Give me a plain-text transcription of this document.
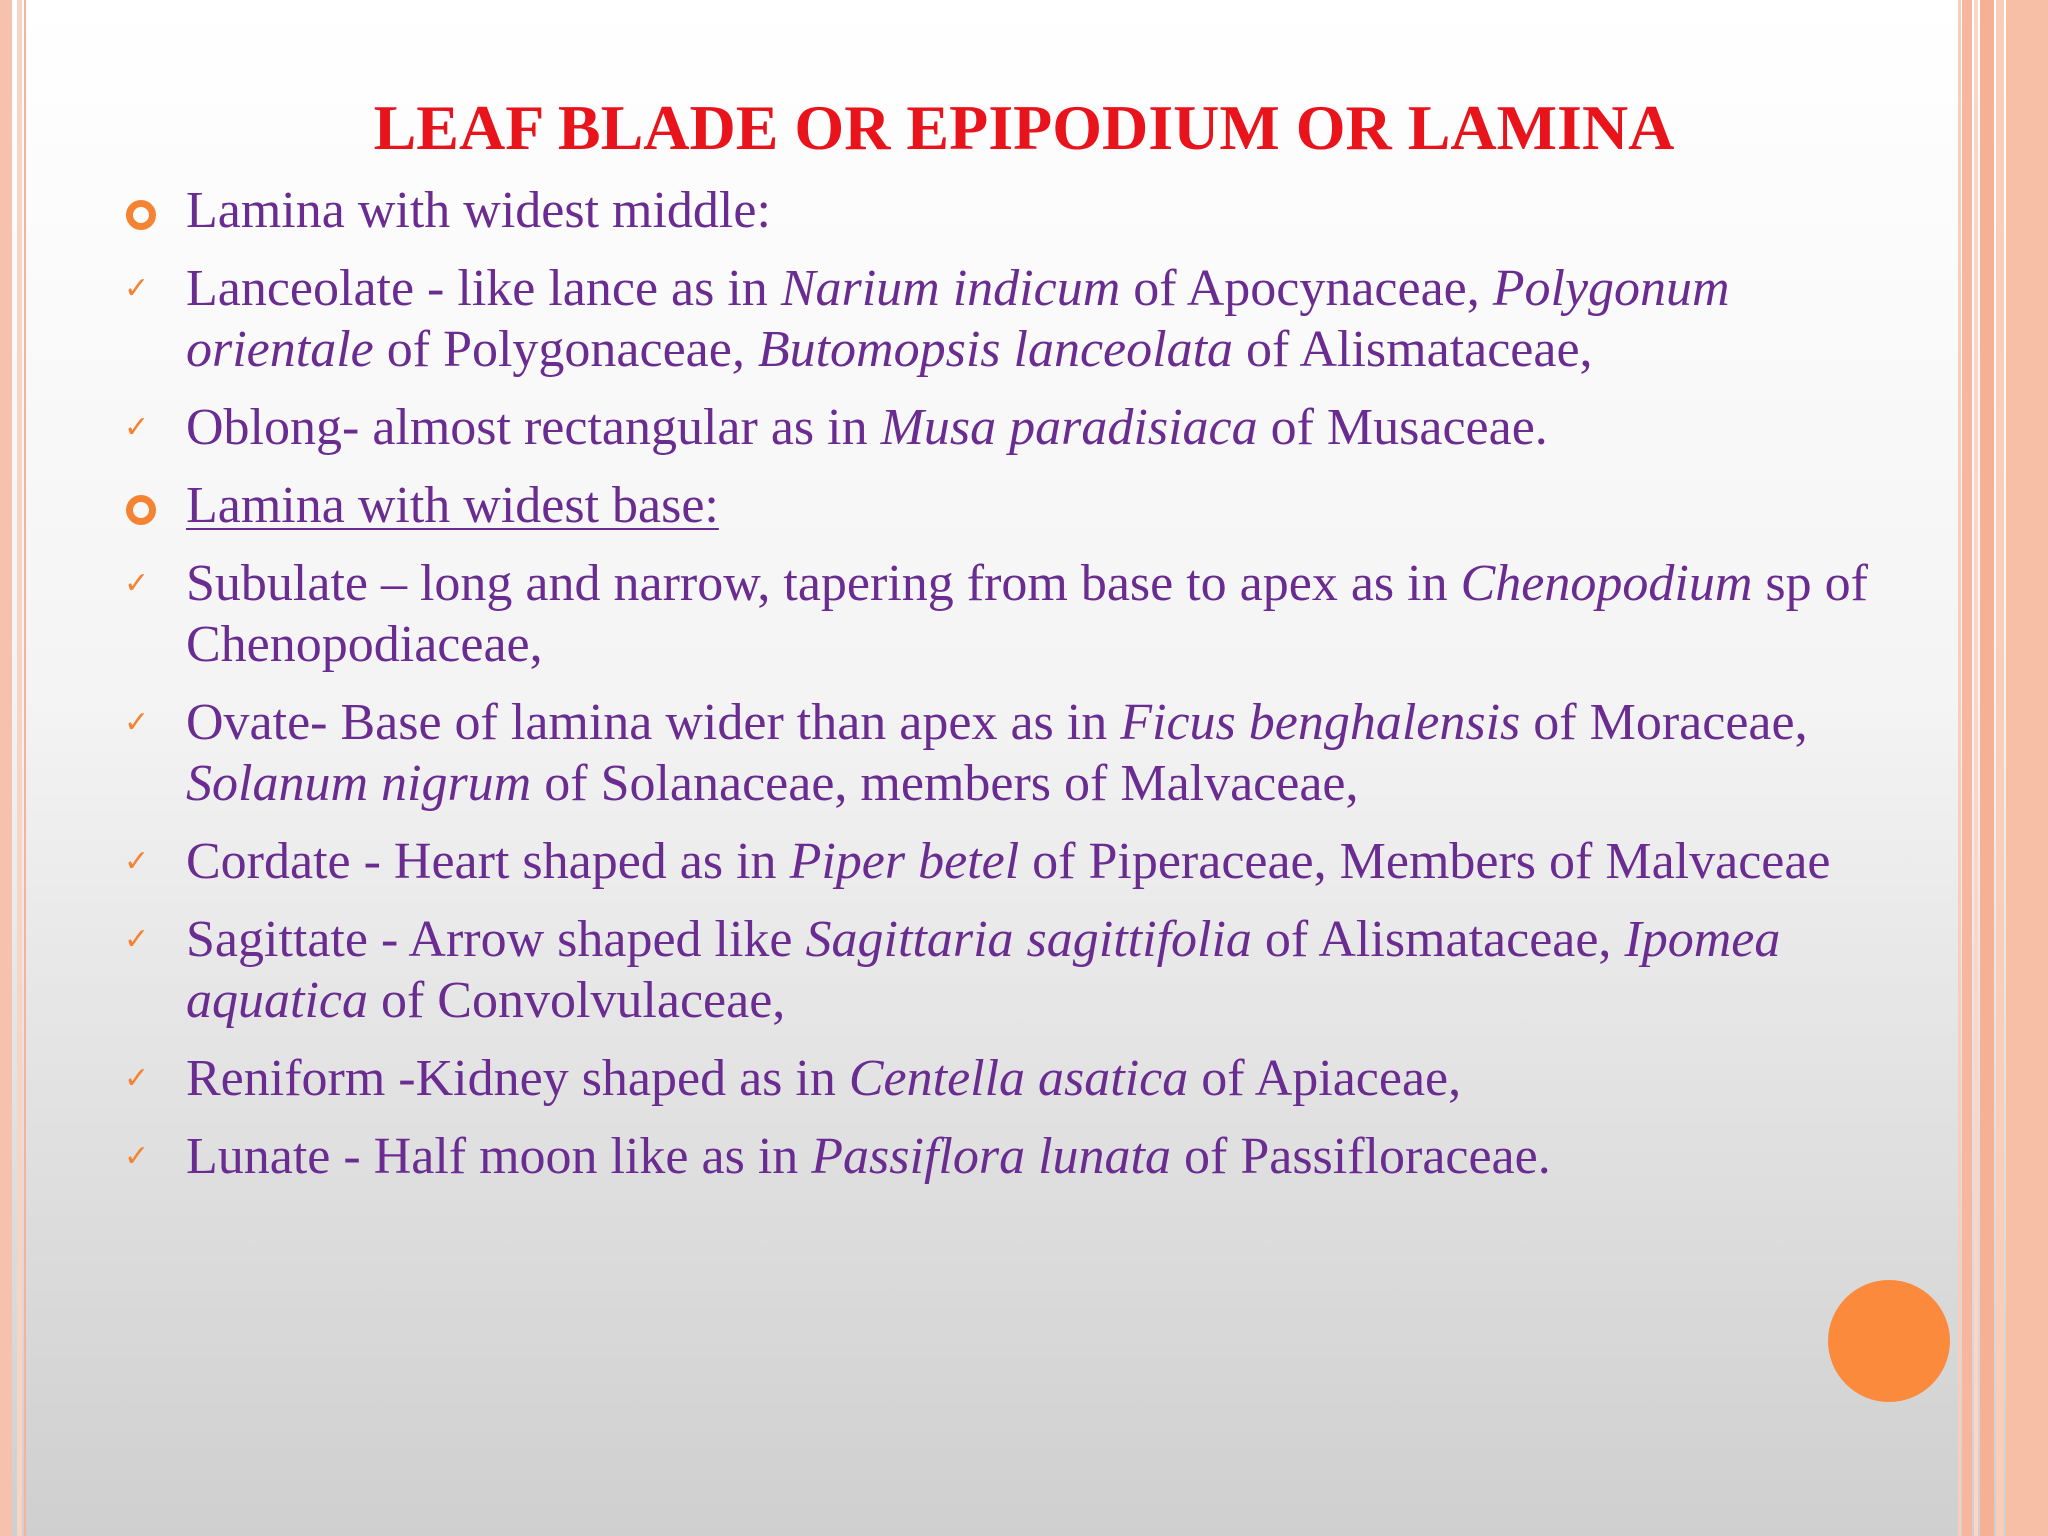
LEAF BLADE OR EPIPODIUM OR LAMINA
Lamina with widest middle:
✓ Lanceolate - like lance as in Narium indicum of Apocynaceae, Polygonum orientale of Polygonaceae, Butomopsis lanceolata of Alismataceae,
✓ Oblong- almost rectangular as in Musa paradisiaca of Musaceae.
Lamina with widest base:
✓ Subulate – long and narrow, tapering from base to apex as in Chenopodium sp of Chenopodiaceae,
✓ Ovate- Base of lamina wider than apex as in Ficus benghalensis of Moraceae, Solanum nigrum of Solanaceae, members of Malvaceae,
✓ Cordate - Heart shaped as in Piper betel of Piperaceae, Members of Malvaceae
✓ Sagittate - Arrow shaped like Sagittaria sagittifolia of Alismataceae, Ipomea aquatica of Convolvulaceae,
✓ Reniform -Kidney shaped as in Centella asatica of Apiaceae,
✓ Lunate - Half moon like as in Passiflora lunata of Passifloraceae.
